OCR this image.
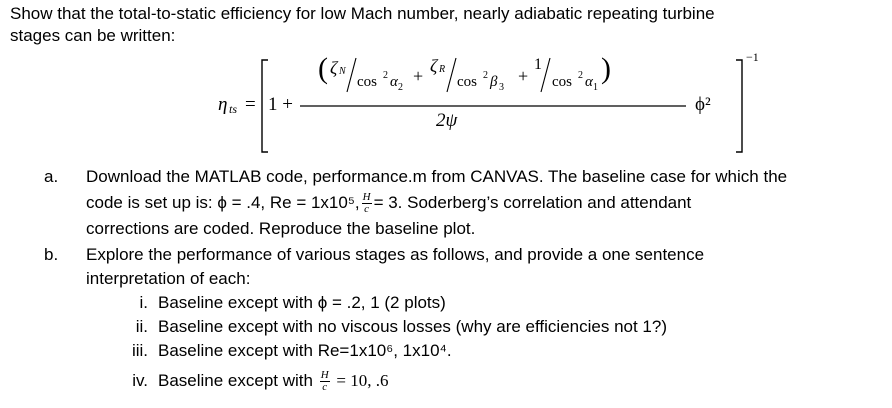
Show that the total-to-static efficiency for low Mach number, nearly adiabatic repeating turbine
stages can be written:
η ts = 1 +
( ζ N
cos 2 α 2
+ ζ R
cos 2 β 3
+
1
cos 2 α 1
)
2ψ
ϕ²
−1
a.	Download the MATLAB code, performance.m from CANVAS. The baseline case for which the
code is set up is: ϕ = .4, Re = 1x10⁵, $\frac{H}{c} = 3$. Soderberg’s correlation and attendant
corrections are coded. Reproduce the baseline plot.
b. Explore the performance of various stages as follows, and provide a one sentence
interpretation of each:
i. Baseline except with ϕ = .2, 1 (2 plots)
ii. Baseline except with no viscous losses (why are efficiencies not 1?)
iii. Baseline except with Re=1x10⁶, 1x10⁴.
iv. Baseline except with $\frac{H}{c} = 10$, .6
